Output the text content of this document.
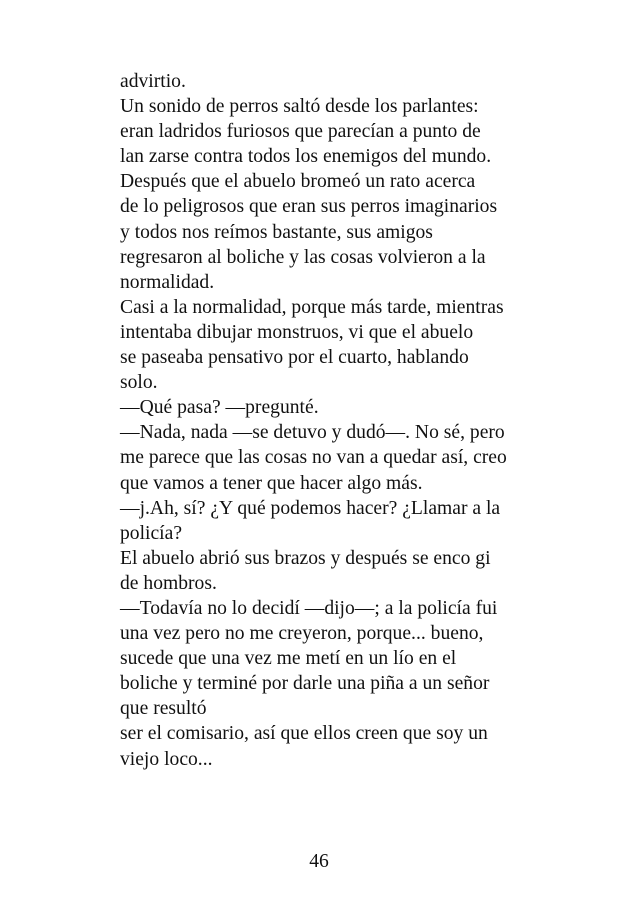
advirtio.
Un sonido de perros saltó desde los parlantes:
eran ladridos furiosos que parecían a punto de
lan zarse contra todos los enemigos del mundo.
Después que el abuelo bromeó un rato acerca
de lo peligrosos que eran sus perros imaginarios
y todos nos reímos bastante, sus amigos
regresaron al boliche y las cosas volvieron a la
normalidad.
Casi a la normalidad, porque más tarde, mientras
intentaba dibujar monstruos, vi que el abuelo
se paseaba pensativo por el cuarto, hablando
solo.
—Qué pasa? —pregunté.
—Nada, nada —se detuvo y dudó—. No sé, pero
me parece que las cosas no van a quedar así, creo
que vamos a tener que hacer algo más.
—j.Ah, sí? ¿Y qué podemos hacer? ¿Llamar a la
policía?
El abuelo abrió sus brazos y después se enco gi
de hombros.
—Todavía no lo decidí —dijo—; a la policía fui
una vez pero no me creyeron, porque... bueno,
sucede que una vez me metí en un lío en el
boliche y terminé por darle una piña a un señor
que resultó
ser el comisario, así que ellos creen que soy un
viejo loco...
46
